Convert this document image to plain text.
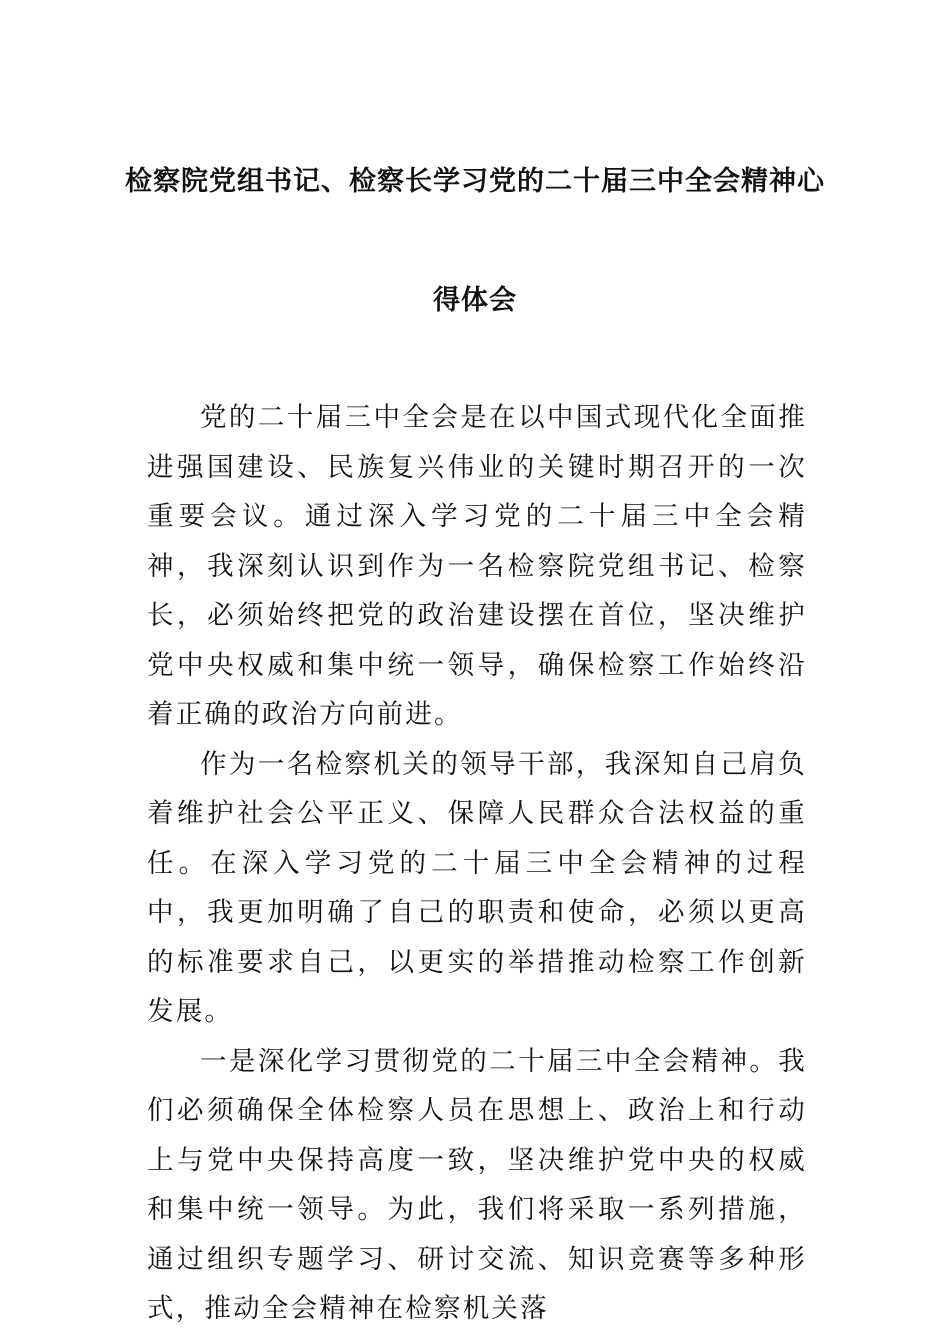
检察院党组书记、检察长学习党的二十届三中全会精神心
得体会

党的二十届三中全会是在以中国式现代化全面推进强国建设、民族复兴伟业的关键时期召开的一次重要会议。通过深入学习党的二十届三中全会精神，我深刻认识到作为一名检察院党组书记、检察长，必须始终把党的政治建设摆在首位，坚决维护党中央权威和集中统一领导，确保检察工作始终沿着正确的政治方向前进。

作为一名检察机关的领导干部，我深知自己肩负着维护社会公平正义、保障人民群众合法权益的重任。在深入学习党的二十届三中全会精神的过程中，我更加明确了自己的职责和使命，必须以更高的标准要求自己，以更实的举措推动检察工作创新发展。

一是深化学习贯彻党的二十届三中全会精神。我们必须确保全体检察人员在思想上、政治上和行动上与党中央保持高度一致，坚决维护党中央的权威和集中统一领导。为此，我们将采取一系列措施，通过组织专题学习、研讨交流、知识竞赛等多种形式，推动全会精神在检察机关落
